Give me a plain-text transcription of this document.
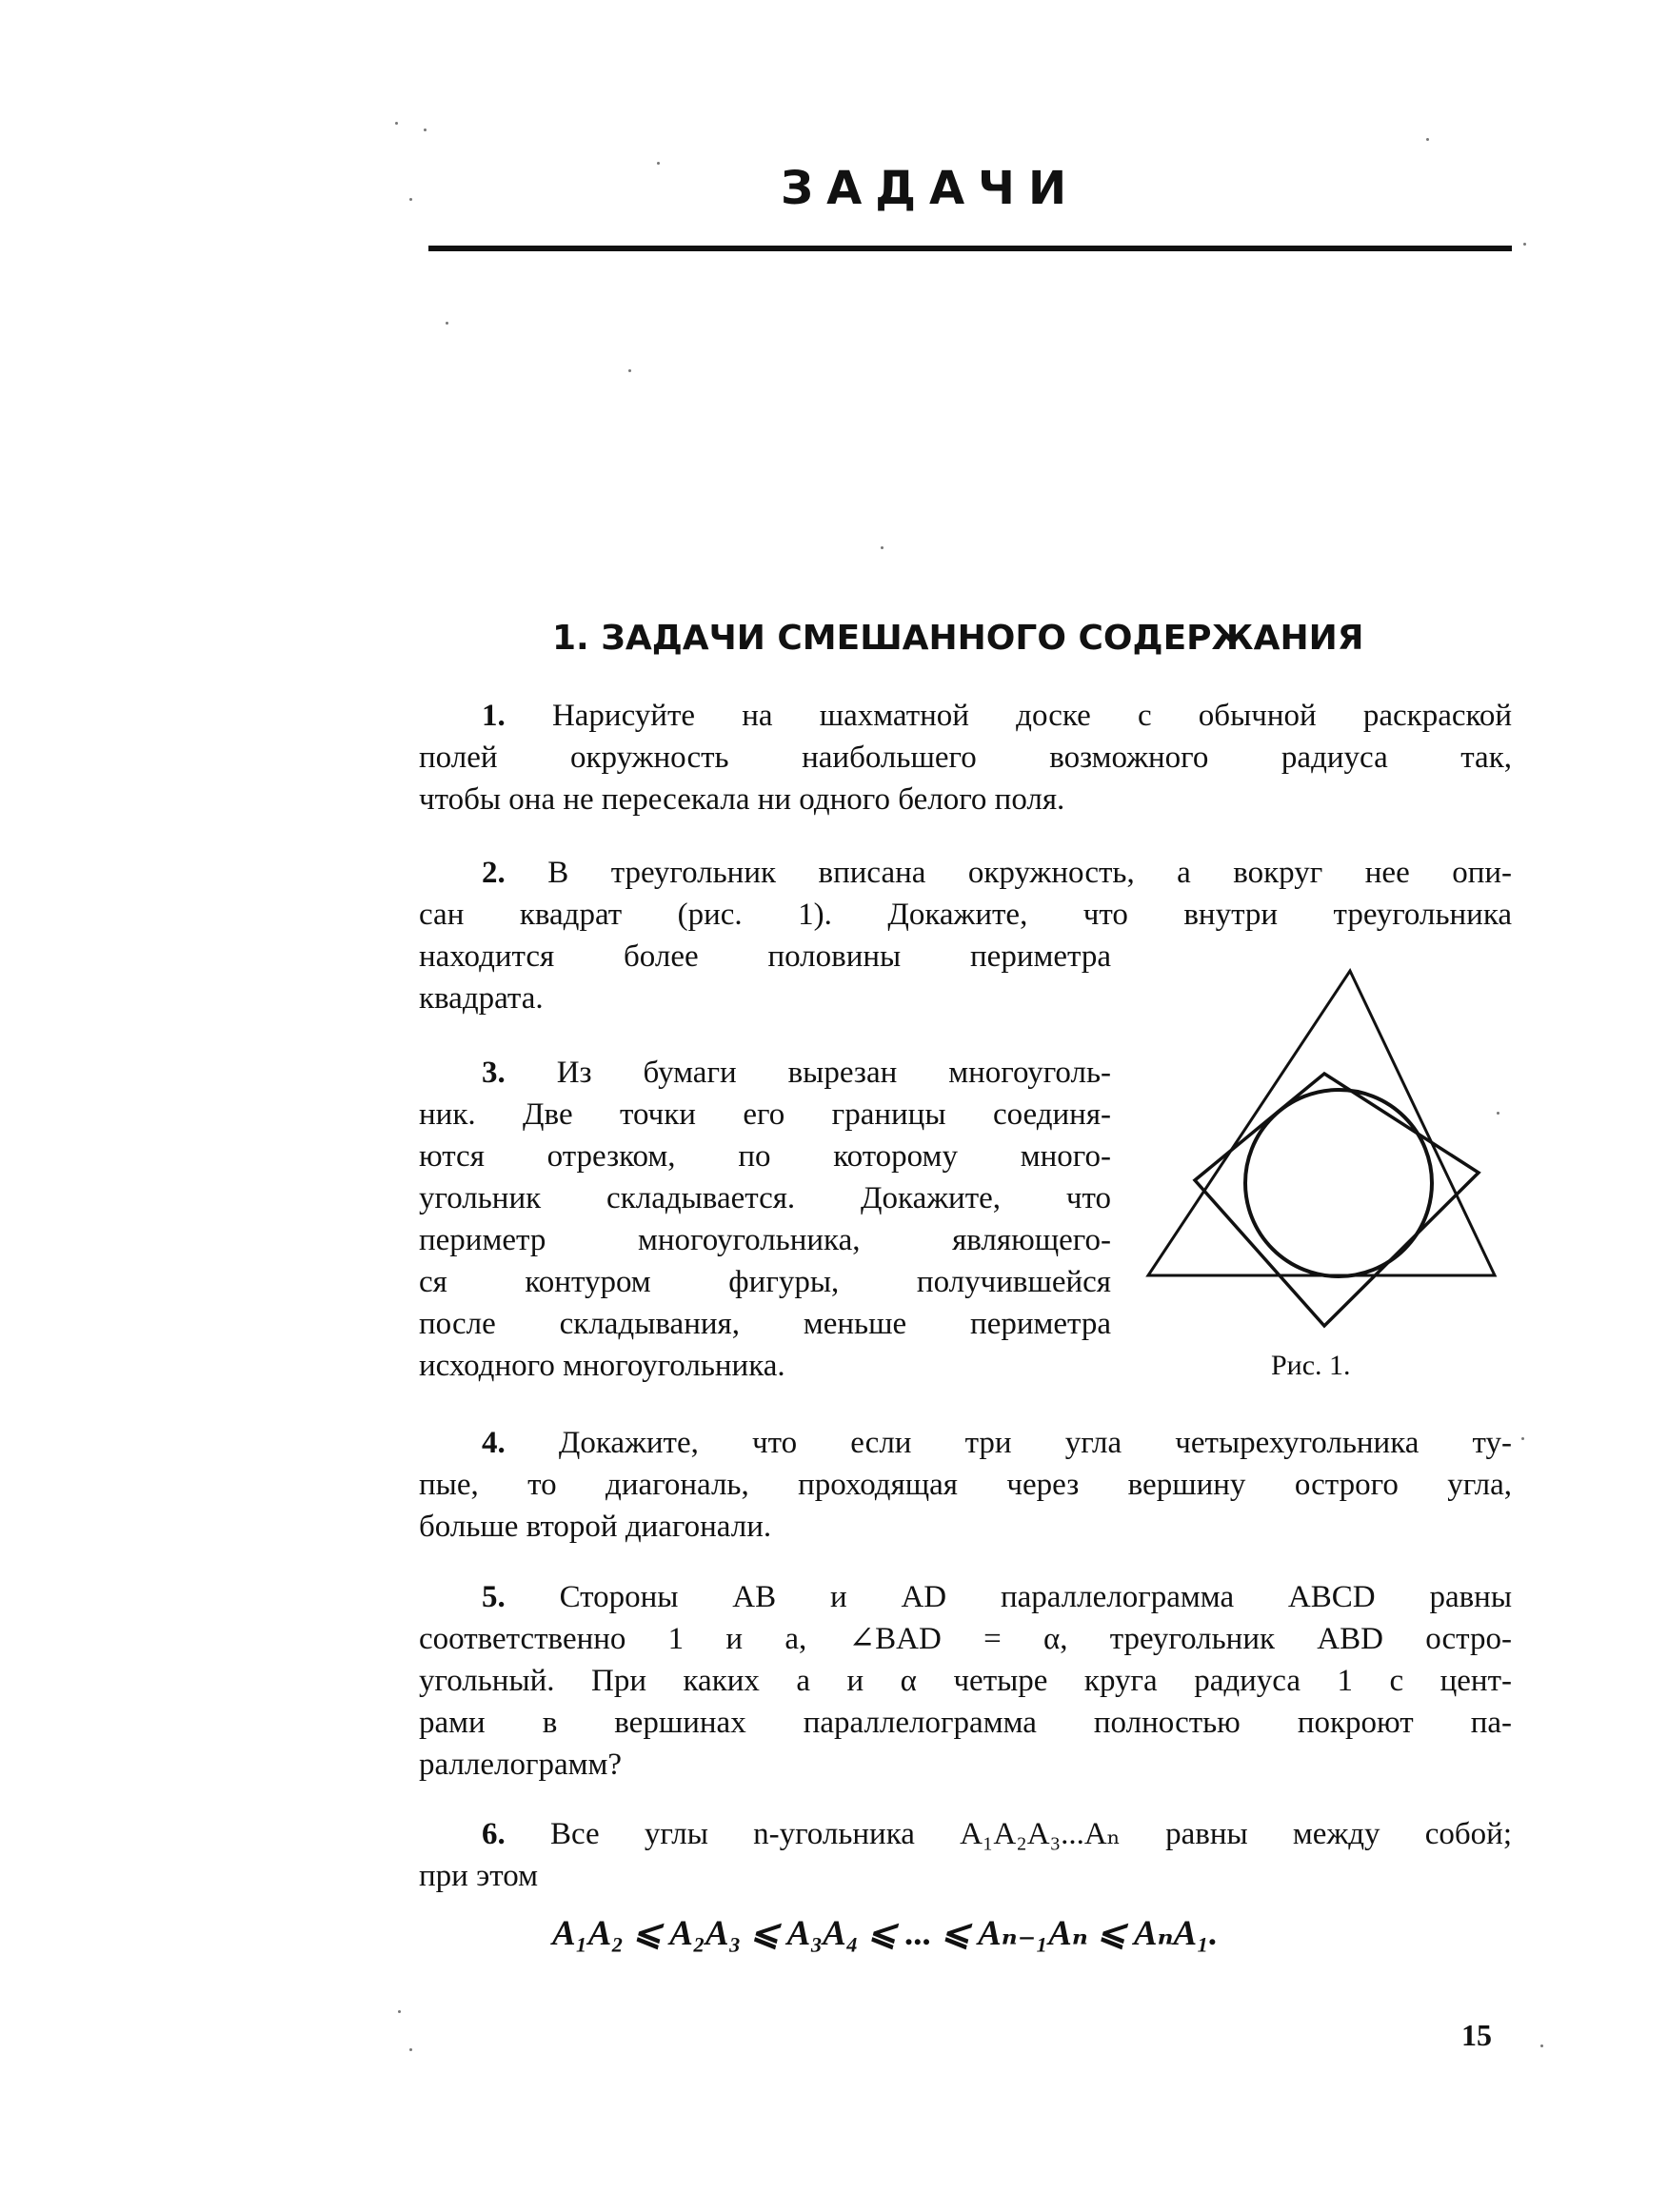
ЗАДАЧИ
1. ЗАДАЧИ СМЕШАННОГО СОДЕРЖАНИЯ
1. Нарисуйте на шахматной доске с обычной раскраской
полей окружность наибольшего возможного радиуса так,
чтобы она не пересекала ни одного белого поля.
2. В треугольник вписана окружность, а вокруг нее опи-
сан квадрат (рис. 1). Докажите, что внутри треугольника
находится более половины периметра
квадрата.
3. Из бумаги вырезан многоуголь-
ник. Две точки его границы соединя-
ются отрезком, по которому много-
угольник складывается. Докажите, что
периметр многоугольника, являющего-
ся контуром фигуры, получившейся
после складывания, меньше периметра
исходного многоугольника.	Рис. 1.
4. Докажите, что если три угла четырехугольника ту-
пые, то диагональ, проходящая через вершину острого угла,
больше второй диагонали.
5. Стороны AB и AD параллелограмма ABCD равны
соответственно 1 и a, ∠BAD = α, треугольник ABD остро-
угольный. При каких a и α четыре круга радиуса 1 с цент-
рами в вершинах параллелограмма полностью покроют па-
раллелограмм?
6. Все углы n-угольника A₁A₂A₃...Aₙ равны между собой;
при этом
A₁A₂ ⩽ A₂A₃ ⩽ A₃A₄ ⩽ ... ⩽ Aₙ₋₁Aₙ ⩽ AₙA₁.
15
